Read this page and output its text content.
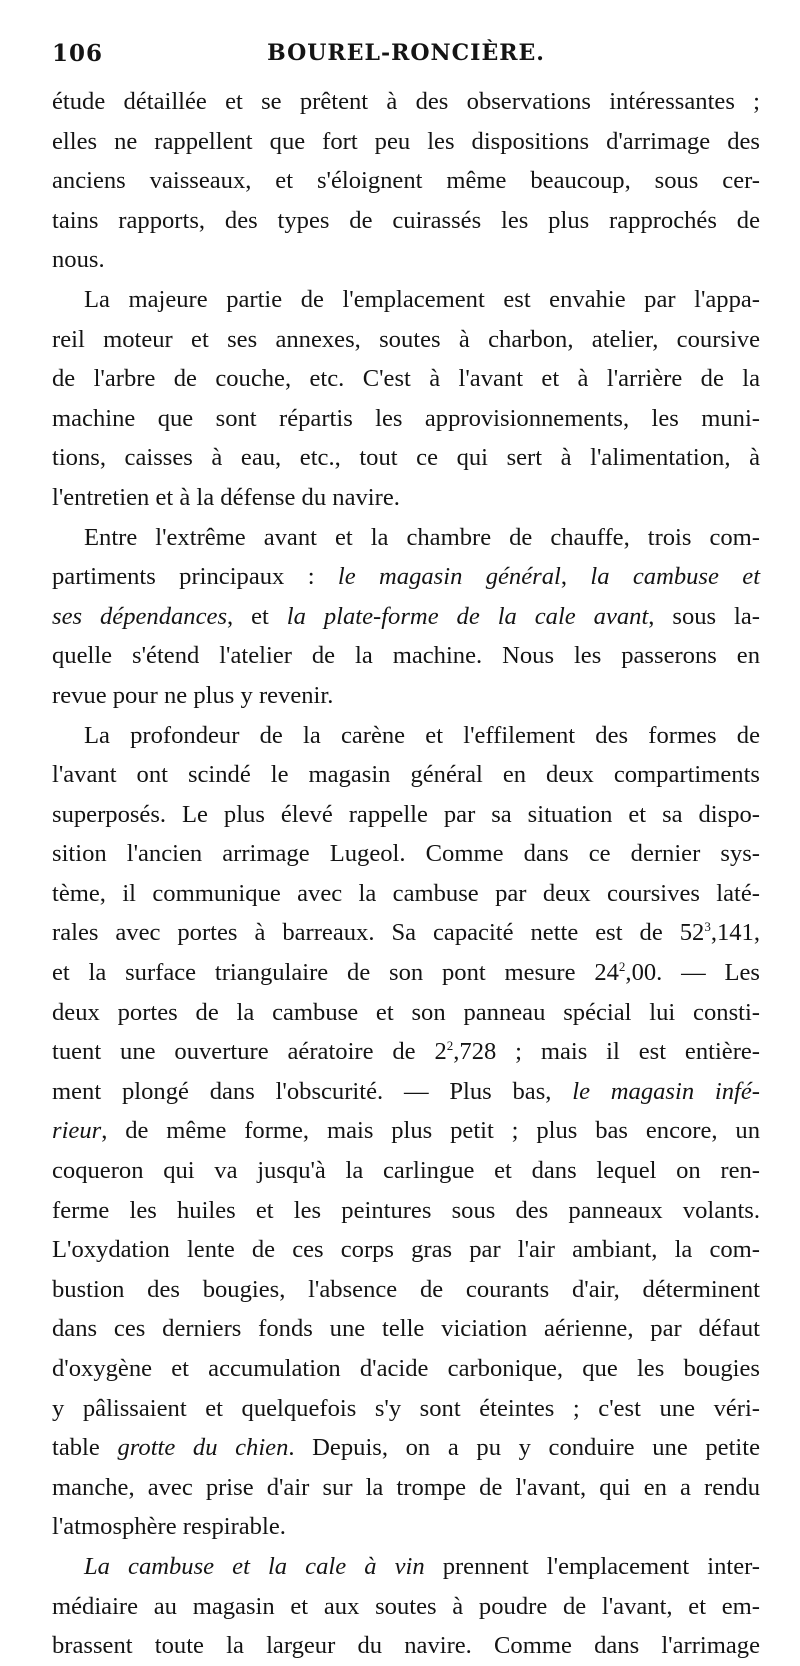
106	BOUREL-RONCIÈRE.
étude détaillée et se prêtent à des observations intéressantes ;
elles ne rappellent que fort peu les dispositions d'arrimage des
anciens vaisseaux, et s'éloignent même beaucoup, sous cer-
tains rapports, des types de cuirassés les plus rapprochés de
nous.
La majeure partie de l'emplacement est envahie par l'appa-
reil moteur et ses annexes, soutes à charbon, atelier, coursive
de l'arbre de couche, etc. C'est à l'avant et à l'arrière de la
machine que sont répartis les approvisionnements, les muni-
tions, caisses à eau, etc., tout ce qui sert à l'alimentation, à
l'entretien et à la défense du navire.
Entre l'extrême avant et la chambre de chauffe, trois com-
partiments principaux : le magasin général, la cambuse et
ses dépendances, et la plate-forme de la cale avant, sous la-
quelle s'étend l'atelier de la machine. Nous les passerons en
revue pour ne plus y revenir.
La profondeur de la carène et l'effilement des formes de
l'avant ont scindé le magasin général en deux compartiments
superposés. Le plus élevé rappelle par sa situation et sa dispo-
sition l'ancien arrimage Lugeol. Comme dans ce dernier sys-
tème, il communique avec la cambuse par deux coursives laté-
rales avec portes à barreaux. Sa capacité nette est de $52^3,141$,
et la surface triangulaire de son pont mesure $24^2,00$. — Les
deux portes de la cambuse et son panneau spécial lui consti-
tuent une ouverture aératoire de $2^2,728$ ; mais il est entière-
ment plongé dans l'obscurité. — Plus bas, le magasin infé-
rieur, de même forme, mais plus petit ; plus bas encore, un
coqueron qui va jusqu'à la carlingue et dans lequel on ren-
ferme les huiles et les peintures sous des panneaux volants.
L'oxydation lente de ces corps gras par l'air ambiant, la com-
bustion des bougies, l'absence de courants d'air, déterminent
dans ces derniers fonds une telle viciation aérienne, par défaut
d'oxygène et accumulation d'acide carbonique, que les bougies
y pâlissaient et quelquefois s'y sont éteintes ; c'est une véri-
table grotte du chien. Depuis, on a pu y conduire une petite
manche, avec prise d'air sur la trompe de l'avant, qui en a rendu
l'atmosphère respirable.
La cambuse et la cale à vin prennent l'emplacement inter-
médiaire au magasin et aux soutes à poudre de l'avant, et em-
brassent toute la largeur du navire. Comme dans l'arrimage
